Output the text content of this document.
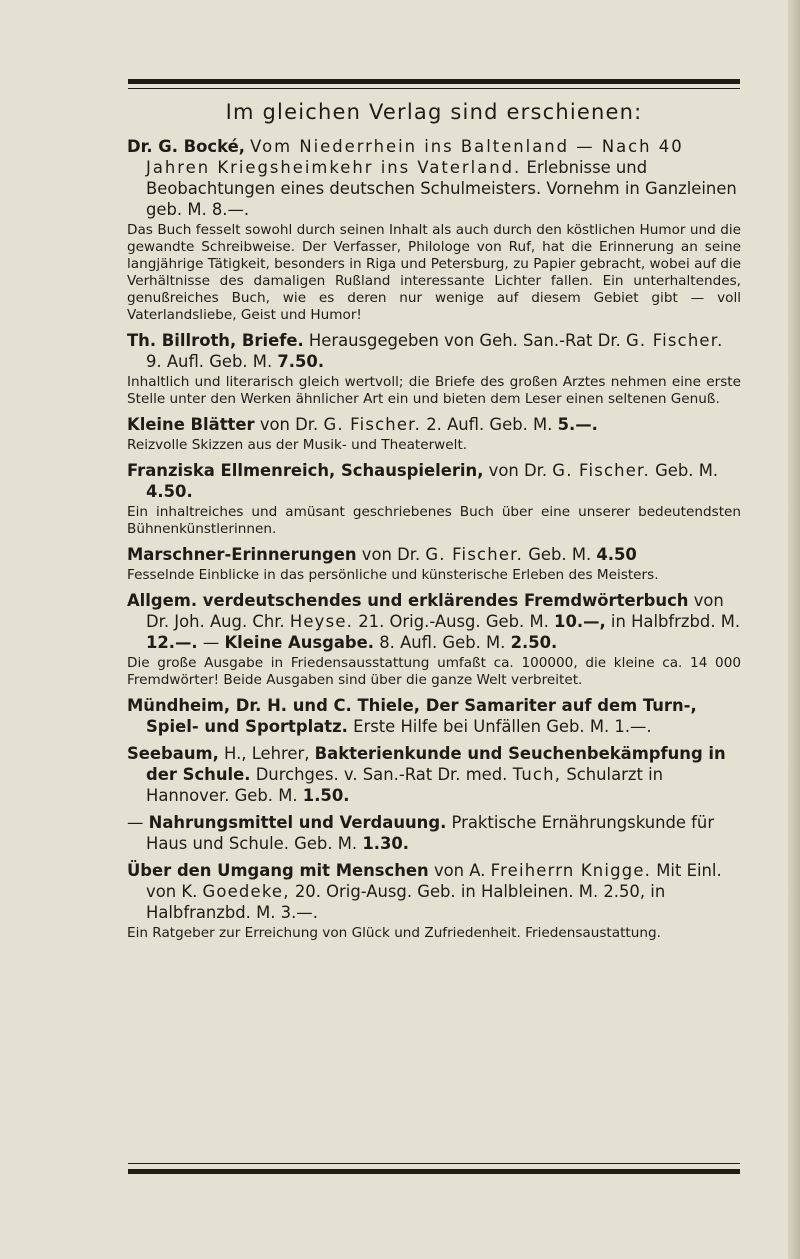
Im gleichen Verlag sind erschienen:
Dr. G. Bocké, Vom Niederrhein ins Baltenland — Nach 40 Jahren Kriegsheimkehr ins Vaterland. Erlebnisse und Beobachtungen eines deutschen Schulmeisters. Vornehm in Ganzleinen geb. M. 8.—.
Das Buch fesselt sowohl durch seinen Inhalt als auch durch den köstlichen Humor und die gewandte Schreibweise. Der Verfasser, Philologe von Ruf, hat die Erinnerung an seine langjährige Tätigkeit, besonders in Riga und Petersburg, zu Papier gebracht, wobei auf die Verhältnisse des damaligen Rußland interessante Lichter fallen. Ein unterhaltendes, genußreiches Buch, wie es deren nur wenige auf diesem Gebiet gibt — voll Vaterlandsliebe, Geist und Humor!
Th. Billroth, Briefe. Herausgegeben von Geh. San.-Rat Dr. G. Fischer. 9. Aufl. Geb. M. 7.50.
Inhaltlich und literarisch gleich wertvoll; die Briefe des großen Arztes nehmen eine erste Stelle unter den Werken ähnlicher Art ein und bieten dem Leser einen seltenen Genuß.
Kleine Blätter von Dr. G. Fischer. 2. Aufl. Geb. M. 5.—.
Reizvolle Skizzen aus der Musik- und Theaterwelt.
Franziska Ellmenreich, Schauspielerin, von Dr. G. Fischer. Geb. M. 4.50.
Ein inhaltreiches und amüsant geschriebenes Buch über eine unserer bedeutendsten Bühnenkünstlerinnen.
Marschner-Erinnerungen von Dr. G. Fischer. Geb. M. 4.50
Fesselnde Einblicke in das persönliche und künsterische Erleben des Meisters.
Allgem. verdeutschendes und erklärendes Fremdwörterbuch von Dr. Joh. Aug. Chr. Heyse. 21. Orig.-Ausg. Geb. M. 10.—, in Halbfrzbd. M. 12.—. — Kleine Ausgabe. 8. Aufl. Geb. M. 2.50.
Die große Ausgabe in Friedensausstattung umfaßt ca. 100000, die kleine ca. 14 000 Fremdwörter! Beide Ausgaben sind über die ganze Welt verbreitet.
Mündheim, Dr. H. und C. Thiele, Der Samariter auf dem Turn-, Spiel- und Sportplatz. Erste Hilfe bei Unfällen Geb. M. 1.—.
Seebaum, H., Lehrer, Bakterienkunde und Seuchenbekämpfung in der Schule. Durchges. v. San.-Rat Dr. med. Tuch, Schularzt in Hannover. Geb. M. 1.50.
— Nahrungsmittel und Verdauung. Praktische Ernährungskunde für Haus und Schule. Geb. M. 1.30.
Über den Umgang mit Menschen von A. Freiherrn Knigge. Mit Einl. von K. Goedeke, 20. Orig-Ausg. Geb. in Halbleinen. M. 2.50, in Halbfranzbd. M. 3.—.
Ein Ratgeber zur Erreichung von Glück und Zufriedenheit. Friedensaustattung.
